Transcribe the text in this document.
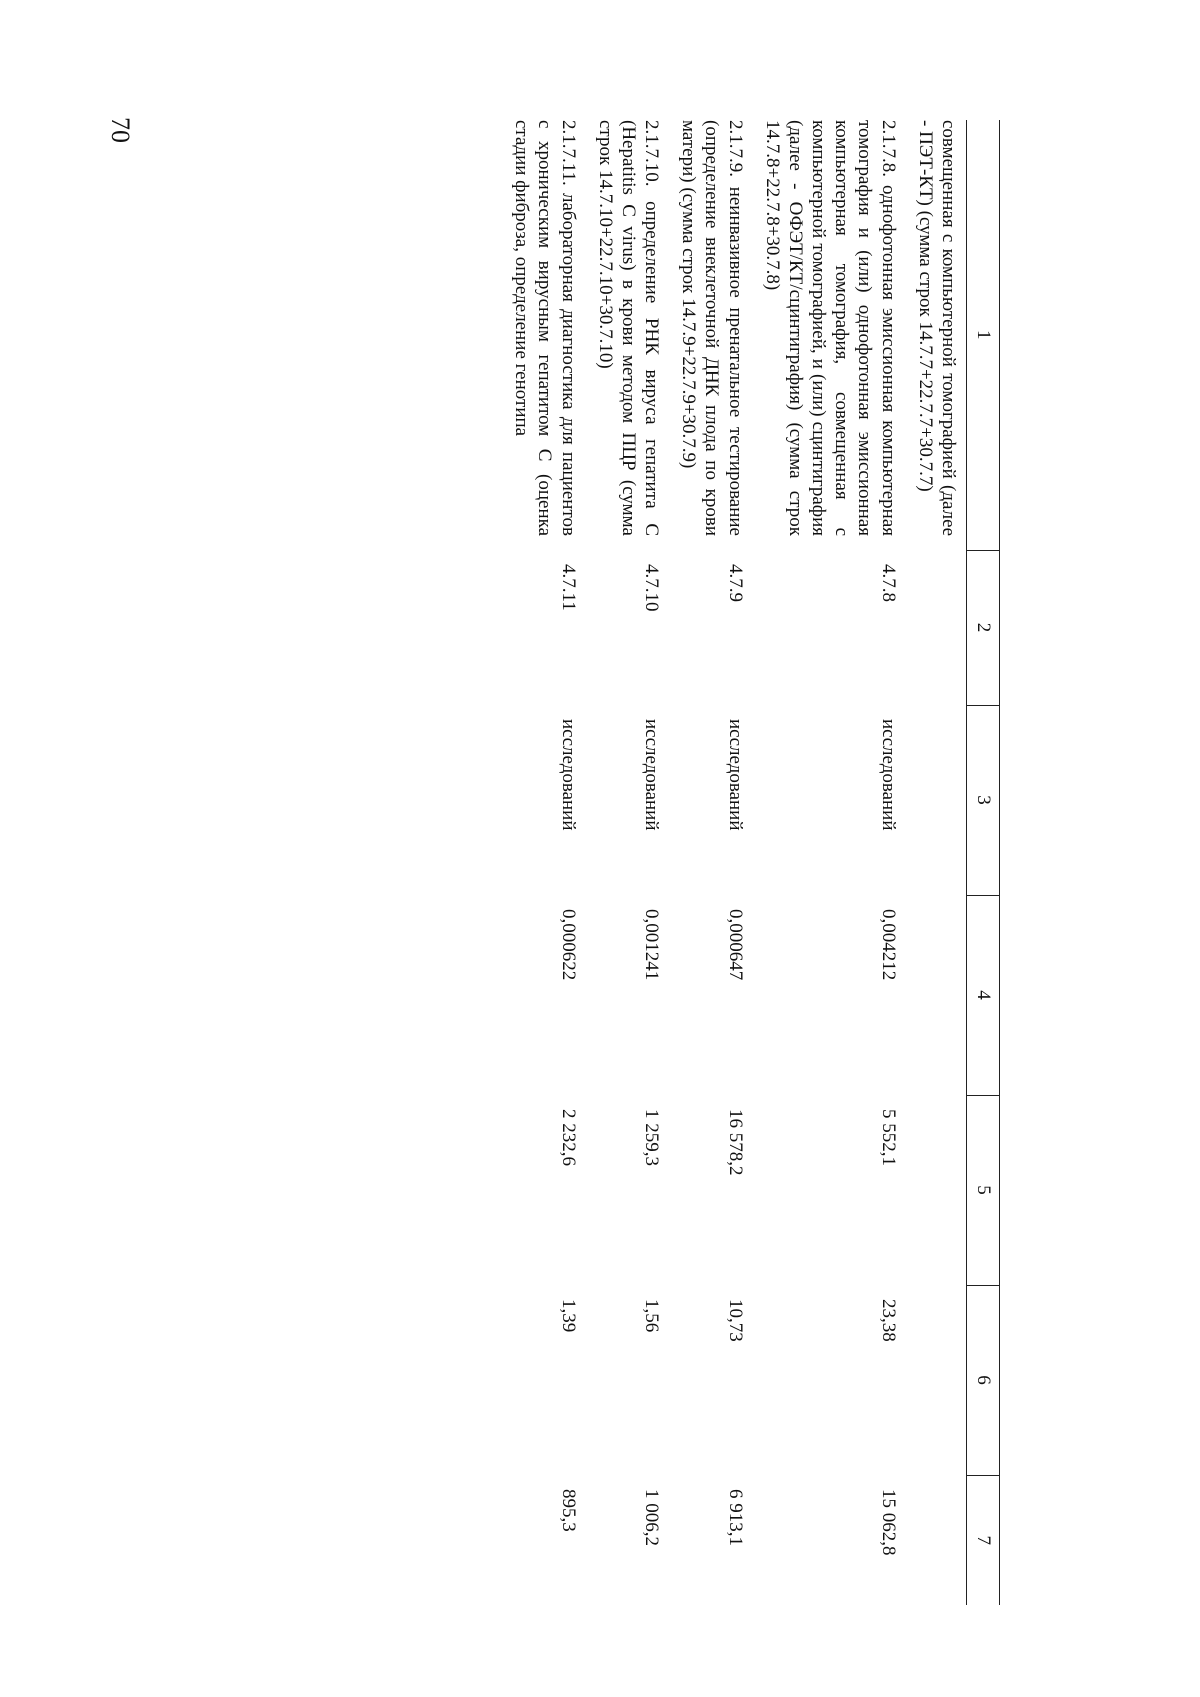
70
1	2	3	4	5	6	7
совмещенная с компьютерной томографией (далее - ПЭТ-КТ) (сумма строк 14.7.7+22.7.7+30.7.7)						
2.1.7.8. однофотонная эмиссионная компьютерная томография и (или) однофотонная эмиссионная компьютерная томография, совмещенная с компьютерной томографией, и (или) сцинтиграфия (далее - ОФЭТ/КТ/сцинтиграфия) (сумма строк 14.7.8+22.7.8+30.7.8)	4.7.8	исследований	0,004212	5 552,1	23,38	15 062,8
2.1.7.9. неинвазивное пренатальное тестирование (определение внеклеточной ДНК плода по крови матери) (сумма строк 14.7.9+22.7.9+30.7.9)	4.7.9	исследований	0,000647	16 578,2	10,73	6 913,1
2.1.7.10. определение РНК вируса гепатита С (Hepatitis C virus) в крови методом ПЦР (сумма строк 14.7.10+22.7.10+30.7.10)	4.7.10	исследований	0,001241	1 259,3	1,56	1 006,2
2.1.7.11. лабораторная диагностика для пациентов с хроническим вирусным гепатитом С (оценка стадии фиброза, определение генотипа	4.7.11	исследований	0,000622	2 232,6	1,39	895,3
